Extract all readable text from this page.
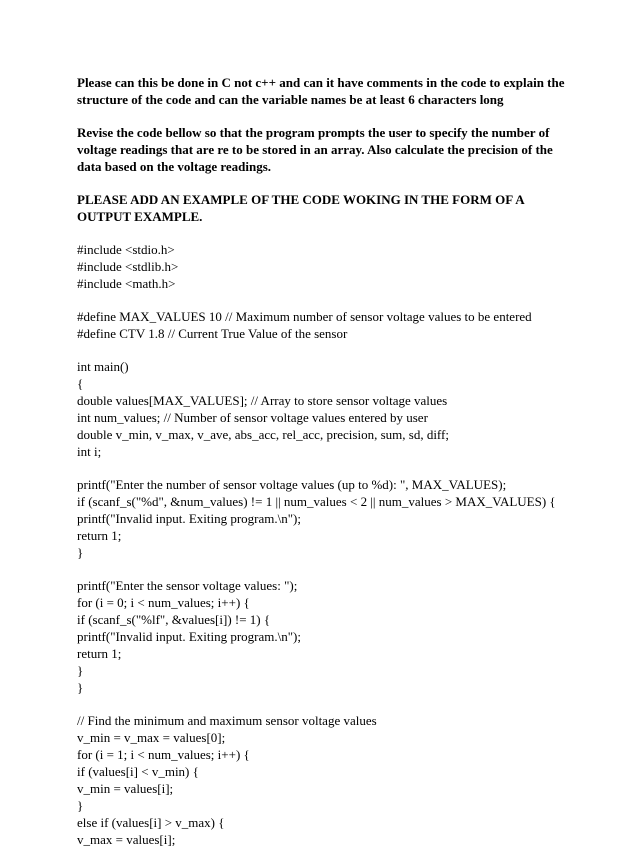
Please can this be done in C not c++ and can it have comments in the code to explain the structure of the code and can the variable names be at least 6 characters long

Revise the code bellow so that the program prompts the user to specify the number of voltage readings that are re to be stored in an array. Also calculate the precision of the data based on the voltage readings.

PLEASE ADD AN EXAMPLE OF THE CODE WOKING IN THE FORM OF A OUTPUT EXAMPLE.

#include <stdio.h>
#include <stdlib.h>
#include <math.h>
#define MAX_VALUES 10 // Maximum number of sensor voltage values to be entered
#define CTV 1.8 // Current True Value of the sensor
int main()
{
double values[MAX_VALUES]; // Array to store sensor voltage values
int num_values; // Number of sensor voltage values entered by user
double v_min, v_max, v_ave, abs_acc, rel_acc, precision, sum, sd, diff;
int i;
printf("Enter the number of sensor voltage values (up to %d): ", MAX_VALUES);
if (scanf_s("%d", &num_values) != 1 || num_values < 2 || num_values > MAX_VALUES) {
printf("Invalid input. Exiting program.\n");
return 1;
}
printf("Enter the sensor voltage values: ");
for (i = 0; i < num_values; i++) {
if (scanf_s("%lf", &values[i]) != 1) {
printf("Invalid input. Exiting program.\n");
return 1;
}
}
// Find the minimum and maximum sensor voltage values
v_min = v_max = values[0];
for (i = 1; i < num_values; i++) {
if (values[i] < v_min) {
v_min = values[i];
}
else if (values[i] > v_max) {
v_max = values[i];
